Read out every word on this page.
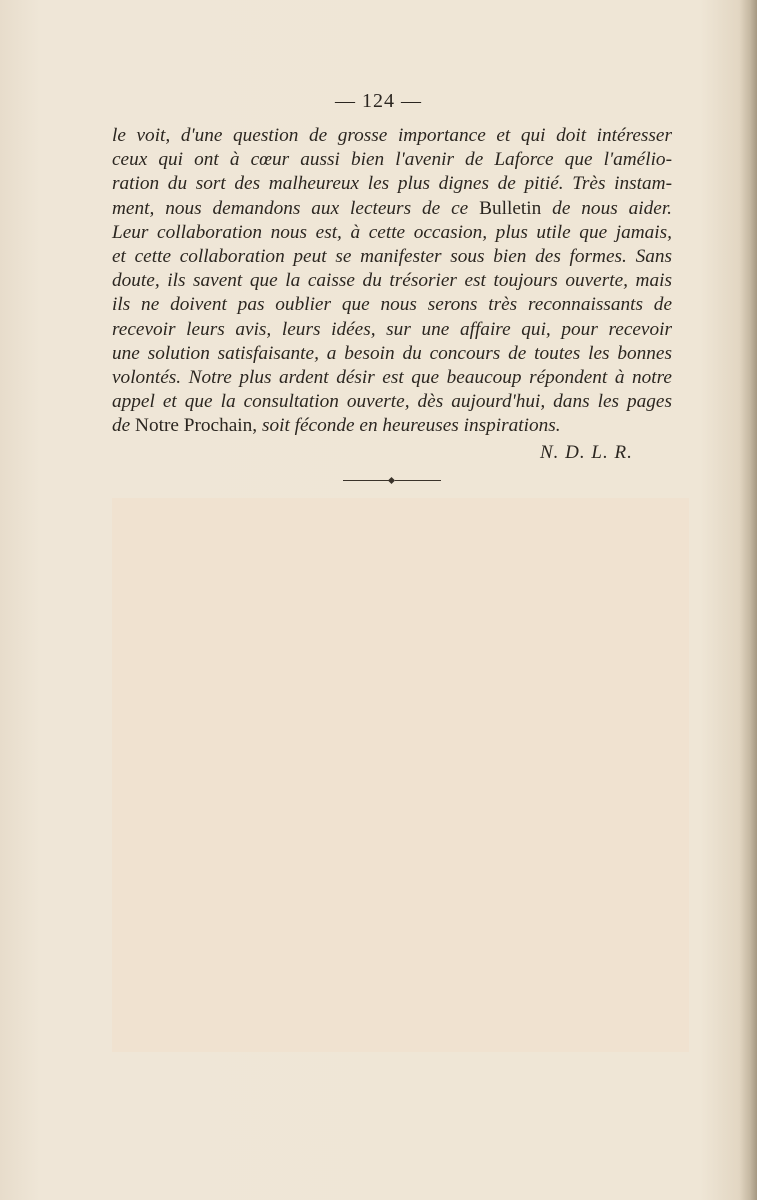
— 124 —
le voit, d'une question de grosse importance et qui doit intéresser
ceux qui ont à cœur aussi bien l'avenir de Laforce que l'amélio-
ration du sort des malheureux les plus dignes de pitié. Très instam-
ment, nous demandons aux lecteurs de ce Bulletin de nous aider.
Leur collaboration nous est, à cette occasion, plus utile que jamais,
et cette collaboration peut se manifester sous bien des formes. Sans
doute, ils savent que la caisse du trésorier est toujours ouverte, mais
ils ne doivent pas oublier que nous serons très reconnaissants de
recevoir leurs avis, leurs idées, sur une affaire qui, pour recevoir
une solution satisfaisante, a besoin du concours de toutes les bonnes
volontés. Notre plus ardent désir est que beaucoup répondent à notre
appel et que la consultation ouverte, dès aujourd'hui, dans les pages
de Notre Prochain, soit féconde en heureuses inspirations.
N. D. L. R.
